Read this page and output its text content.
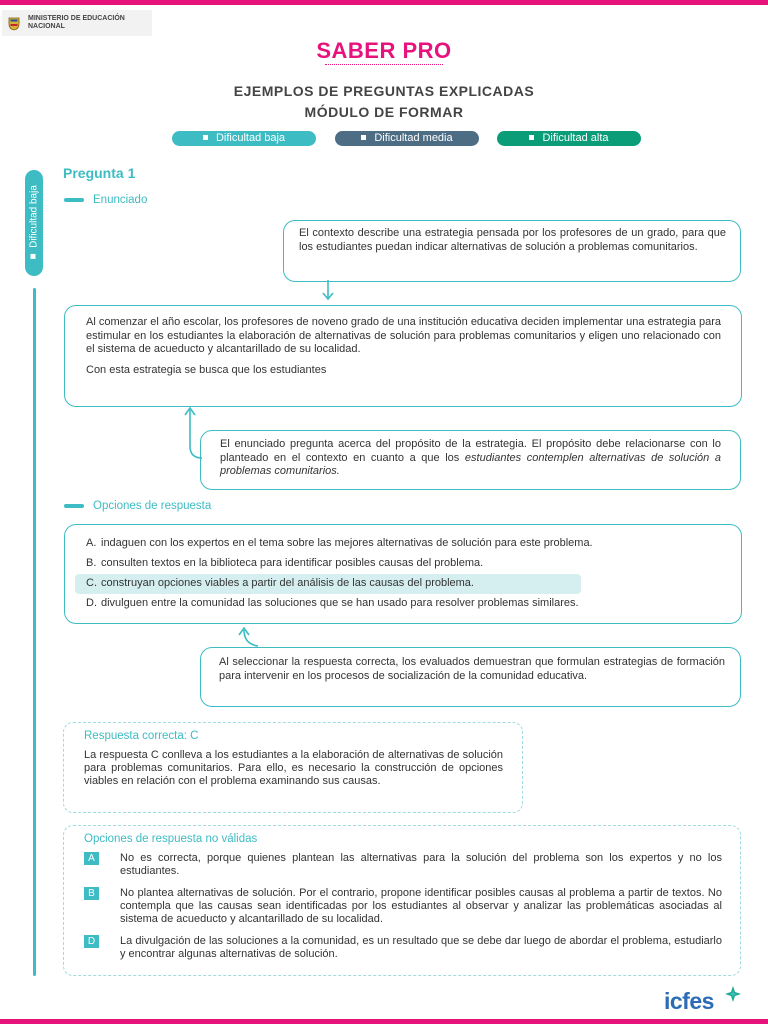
MINISTERIO DE EDUCACIÓN NACIONAL
SABER PRO
EJEMPLOS DE PREGUNTAS EXPLICADAS
MÓDULO DE FORMAR
Dificultad baja	Dificultad media	Dificultad alta
Dificultad baja
Pregunta 1
Enunciado

El contexto describe una estrategia pensada por los profesores de un grado, para que los estudiantes puedan indicar alternativas de solución a problemas comunitarios.

Al comenzar el año escolar, los profesores de noveno grado de una institución educativa deciden implementar una estrategia para estimular en los estudiantes la elaboración de alternativas de solución para problemas comunitarios y eligen uno relacionado con el sistema de acueducto y alcantarillado de su localidad.

Con esta estrategia se busca que los estudiantes

El enunciado pregunta acerca del propósito de la estrategia. El propósito debe relacionarse con lo planteado en el contexto en cuanto a que los estudiantes contemplen alternativas de solución a problemas comunitarios.

Opciones de respuesta
A. indaguen con los expertos en el tema sobre las mejores alternativas de solución para este problema.
B. consulten textos en la biblioteca para identificar posibles causas del problema.
C. construyan opciones viables a partir del análisis de las causas del problema.
D. divulguen entre la comunidad las soluciones que se han usado para resolver problemas similares.

Al seleccionar la respuesta correcta, los evaluados demuestran que formulan estrategias de formación para intervenir en los procesos de socialización de la comunidad educativa.

Respuesta correcta: C
La respuesta C conlleva a los estudiantes a la elaboración de alternativas de solución para problemas comunitarios. Para ello, es necesario la construcción de opciones viables en relación con el problema examinando sus causas.
Opciones de respuesta no válidas
A	No es correcta, porque quienes plantean las alternativas para la solución del problema son los expertos y no los estudiantes.
B	No plantea alternativas de solución. Por el contrario, propone identificar posibles causas al problema a partir de textos. No contempla que las causas sean identificadas por los estudiantes al observar y analizar las problemáticas asociadas al sistema de acueducto y alcantarillado de su localidad.
D	La divulgación de las soluciones a la comunidad, es un resultado que se debe dar luego de abordar el problema, estudiarlo y encontrar algunas alternativas de solución.
icfes
